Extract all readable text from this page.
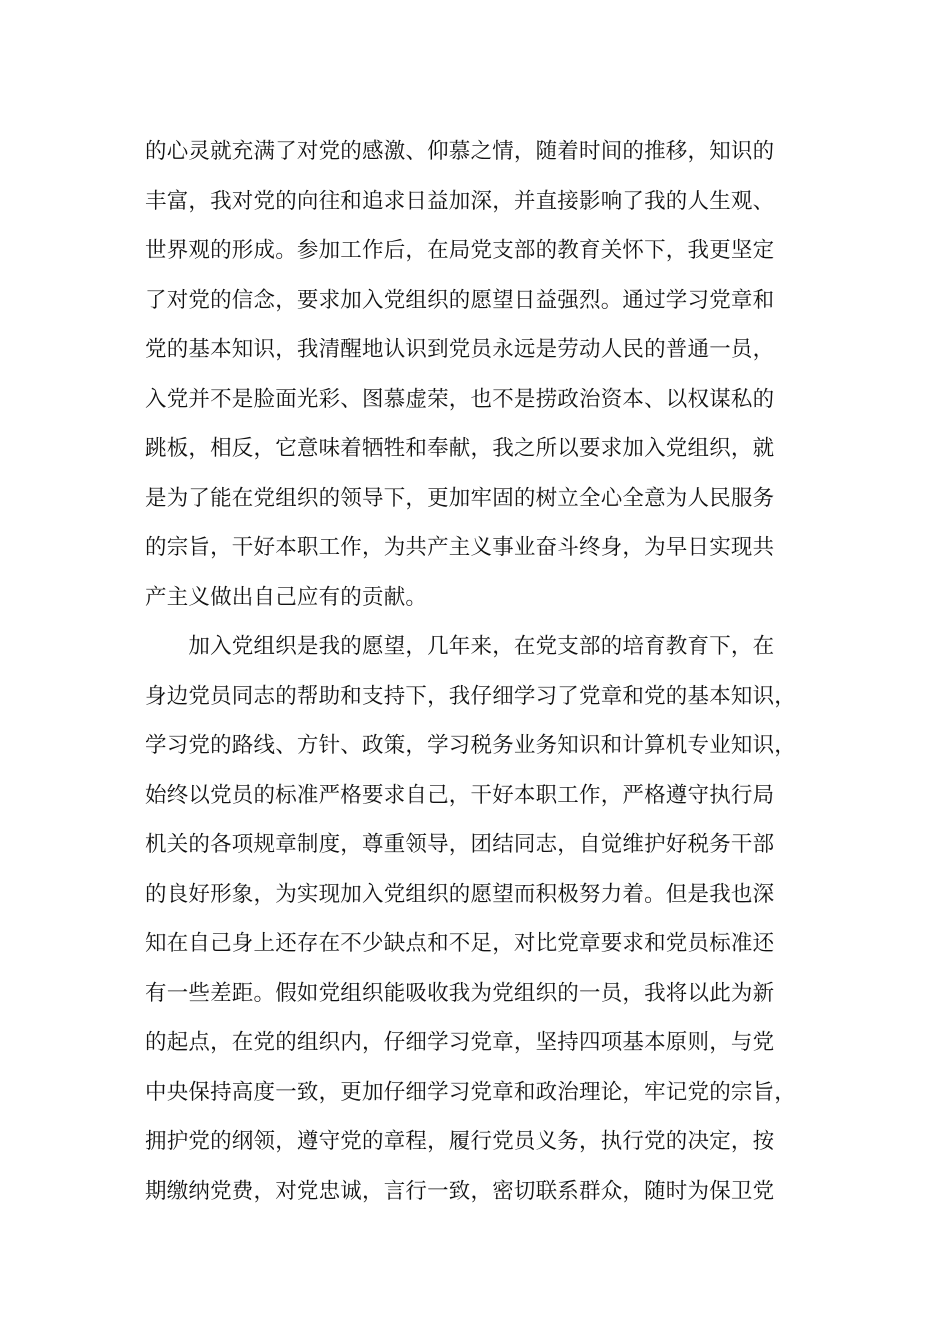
的心灵就充满了对党的感激、仰慕之情，随着时间的推移，知识的
丰富，我对党的向往和追求日益加深，并直接影响了我的人生观、
世界观的形成。参加工作后，在局党支部的教育关怀下，我更坚定
了对党的信念，要求加入党组织的愿望日益强烈。通过学习党章和
党的基本知识，我清醒地认识到党员永远是劳动人民的普通一员，
入党并不是脸面光彩、图慕虚荣，也不是捞政治资本、以权谋私的
跳板，相反，它意味着牺牲和奉献，我之所以要求加入党组织，就
是为了能在党组织的领导下，更加牢固的树立全心全意为人民服务
的宗旨，干好本职工作，为共产主义事业奋斗终身，为早日实现共
产主义做出自己应有的贡献。
　　加入党组织是我的愿望，几年来，在党支部的培育教育下，在
身边党员同志的帮助和支持下，我仔细学习了党章和党的基本知识，
学习党的路线、方针、政策，学习税务业务知识和计算机专业知识，
始终以党员的标准严格要求自己，干好本职工作，严格遵守执行局
机关的各项规章制度，尊重领导，团结同志，自觉维护好税务干部
的良好形象，为实现加入党组织的愿望而积极努力着。但是我也深
知在自己身上还存在不少缺点和不足，对比党章要求和党员标准还
有一些差距。假如党组织能吸收我为党组织的一员，我将以此为新
的起点，在党的组织内，仔细学习党章，坚持四项基本原则，与党
中央保持高度一致，更加仔细学习党章和政治理论，牢记党的宗旨，
拥护党的纲领，遵守党的章程，履行党员义务，执行党的决定，按
期缴纳党费，对党忠诚，言行一致，密切联系群众，随时为保卫党
